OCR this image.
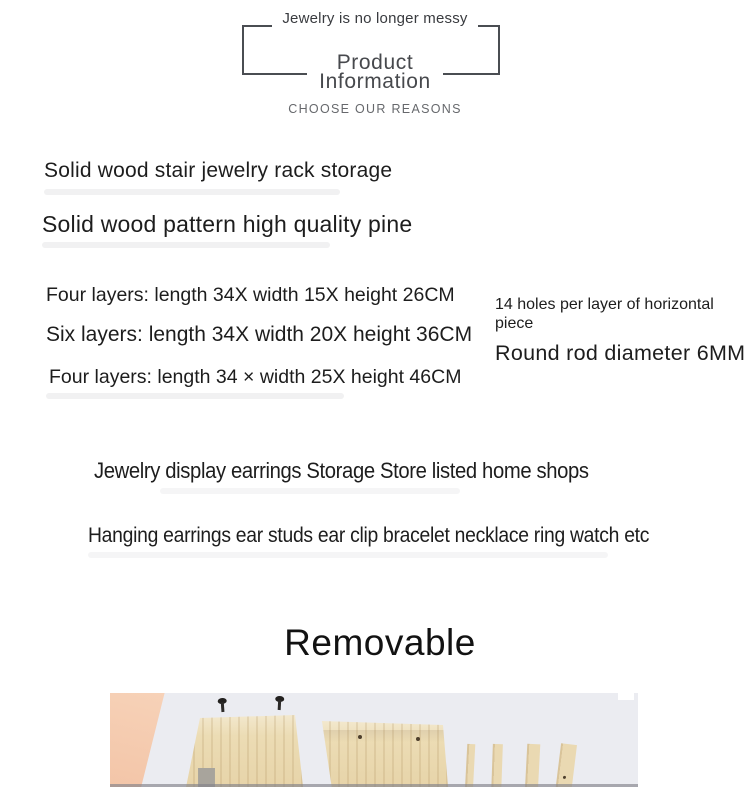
Jewelry is no longer messy
Product
Information
CHOOSE OUR REASONS
Solid wood stair jewelry rack storage
Solid wood pattern high quality pine
Four layers: length 34X width 15X height 26CM
Six layers: length 34X width 20X height 36CM
Four layers: length 34 × width 25X height 46CM
14 holes per layer of horizontal piece
Round rod diameter 6MM
Jewelry display earrings Storage Store listed home shops
Hanging earrings ear studs ear clip bracelet necklace ring watch etc
Removable
